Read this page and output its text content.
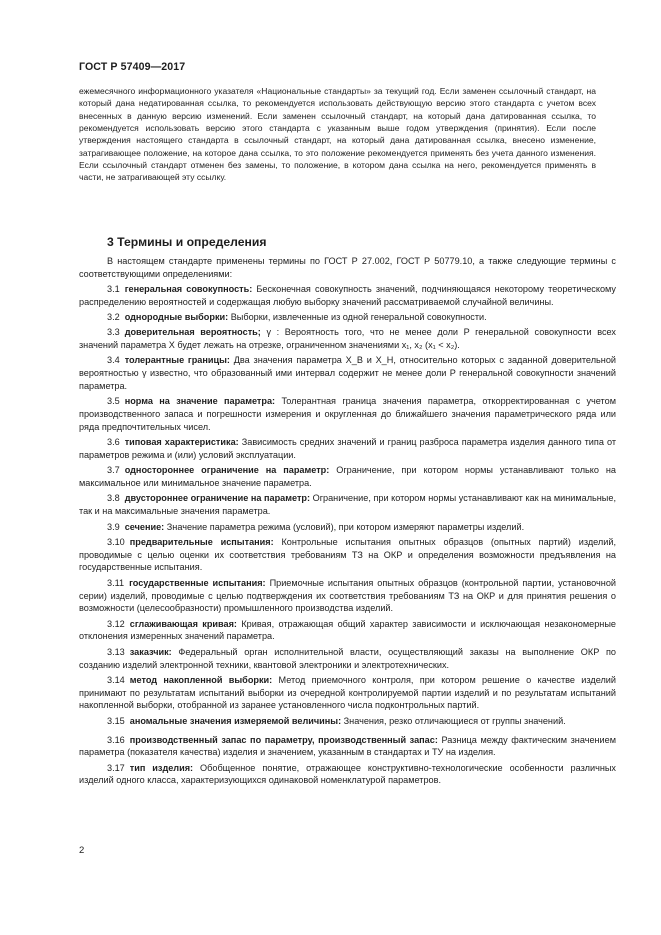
ГОСТ Р 57409—2017

ежемесячного информационного указателя «Национальные стандарты» за текущий год. Если заменен ссылочный стандарт, на который дана недатированная ссылка, то рекомендуется использовать действующую версию этого стандарта с учетом всех внесенных в данную версию изменений. Если заменен ссылочный стандарт, на который дана датированная ссылка, то рекомендуется использовать версию этого стандарта с указанным выше годом утверждения (принятия). Если после утверждения настоящего стандарта в ссылочный стандарт, на который дана датированная ссылка, внесено изменение, затрагивающее положение, на которое дана ссылка, то это положение рекомендуется применять без учета данного изменения. Если ссылочный стандарт отменен без замены, то положение, в котором дана ссылка на него, рекомендуется применять в части, не затрагивающей эту ссылку.

3 Термины и определения

В настоящем стандарте применены термины по ГОСТ Р 27.002, ГОСТ Р 50779.10, а также следующие термины с соответствующими определениями:

3.1 генеральная совокупность: Бесконечная совокупность значений, подчиняющаяся некоторому теоретическому распределению вероятностей и содержащая любую выборку значений рассматриваемой случайной величины.

3.2 однородные выборки: Выборки, извлеченные из одной генеральной совокупности.

3.3 доверительная вероятность; γ : Вероятность того, что не менее доли P генеральной совокупности всех значений параметра X будет лежать на отрезке, ограниченном значениями x₁, x₂ (x₁ < x₂).

3.4 толерантные границы: Два значения параметра X_B и X_H, относительно которых с заданной доверительной вероятностью γ известно, что образованный ими интервал содержит не менее доли P генеральной совокупности значений параметра.

3.5 норма на значение параметра: Толерантная граница значения параметра, откорректированная с учетом производственного запаса и погрешности измерения и округленная до ближайшего значения параметрического ряда или ряда предпочтительных чисел.

3.6 типовая характеристика: Зависимость средних значений и границ разброса параметра изделия данного типа от параметров режима и (или) условий эксплуатации.

3.7 одностороннее ограничение на параметр: Ограничение, при котором нормы устанавливают только на максимальное или минимальное значение параметра.

3.8 двустороннее ограничение на параметр: Ограничение, при котором нормы устанавливают как на минимальные, так и на максимальные значения параметра.

3.9 сечение: Значение параметра режима (условий), при котором измеряют параметры изделий.

3.10 предварительные испытания: Контрольные испытания опытных образцов (опытных партий) изделий, проводимые с целью оценки их соответствия требованиям ТЗ на ОКР и определения возможности предъявления на государственные испытания.

3.11 государственные испытания: Приемочные испытания опытных образцов (контрольной партии, установочной серии) изделий, проводимые с целью подтверждения их соответствия требованиям ТЗ на ОКР и для принятия решения о возможности (целесообразности) промышленного производства изделий.

3.12 сглаживающая кривая: Кривая, отражающая общий характер зависимости и исключающая незакономерные отклонения измеренных значений параметра.

3.13 заказчик: Федеральный орган исполнительной власти, осуществляющий заказы на выполнение ОКР по созданию изделий электронной техники, квантовой электроники и электротехнических.

3.14 метод накопленной выборки: Метод приемочного контроля, при котором решение о качестве изделий принимают по результатам испытаний выборки из очередной контролируемой партии изделий и по результатам испытаний накопленной выборки, отобранной из заранее установленного числа подконтрольных партий.

3.15 аномальные значения измеряемой величины: Значения, резко отличающиеся от группы значений.

3.16 производственный запас по параметру, производственный запас: Разница между фактическим значением параметра (показателя качества) изделия и значением, указанным в стандартах и ТУ на изделия.

3.17 тип изделия: Обобщенное понятие, отражающее конструктивно-технологические особенности различных изделий одного класса, характеризующихся одинаковой номенклатурой параметров.

2
